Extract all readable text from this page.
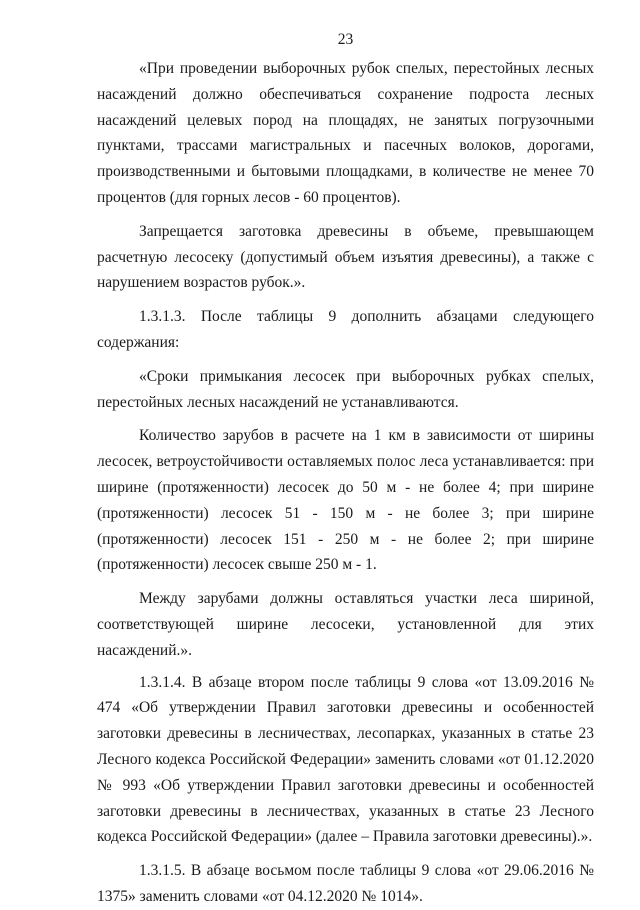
23

«При проведении выборочных рубок спелых, перестойных лесных насаждений должно обеспечиваться сохранение подроста лесных насаждений целевых пород на площадях, не занятых погрузочными пунктами, трассами магистральных и пасечных волоков, дорогами, производственными и бытовыми площадками, в количестве не менее 70 процентов (для горных лесов - 60 процентов).

Запрещается заготовка древесины в объеме, превышающем расчетную лесосеку (допустимый объем изъятия древесины), а также с нарушением возрастов рубок.».

1.3.1.3. После таблицы 9 дополнить абзацами следующего содержания:

«Сроки примыкания лесосек при выборочных рубках спелых, перестойных лесных насаждений не устанавливаются.

Количество зарубов в расчете на 1 км в зависимости от ширины лесосек, ветроустойчивости оставляемых полос леса устанавливается: при ширине (протяженности) лесосек до 50 м - не более 4; при ширине (протяженности) лесосек 51 - 150 м - не более 3; при ширине (протяженности) лесосек 151 - 250 м - не более 2; при ширине (протяженности) лесосек свыше 250 м - 1.

Между зарубами должны оставляться участки леса шириной, соответствующей ширине лесосеки, установленной для этих насаждений.».

1.3.1.4. В абзаце втором после таблицы 9 слова «от 13.09.2016 № 474 «Об утверждении Правил заготовки древесины и особенностей заготовки древесины в лесничествах, лесопарках, указанных в статье 23 Лесного кодекса Российской Федерации» заменить словами «от 01.12.2020 № 993 «Об утверждении Правил заготовки древесины и особенностей заготовки древесины в лесничествах, указанных в статье 23 Лесного кодекса Российской Федерации» (далее – Правила заготовки древесины).».

1.3.1.5. В абзаце восьмом после таблицы 9 слова «от 29.06.2016 № 1375» заменить словами «от 04.12.2020 № 1014».
